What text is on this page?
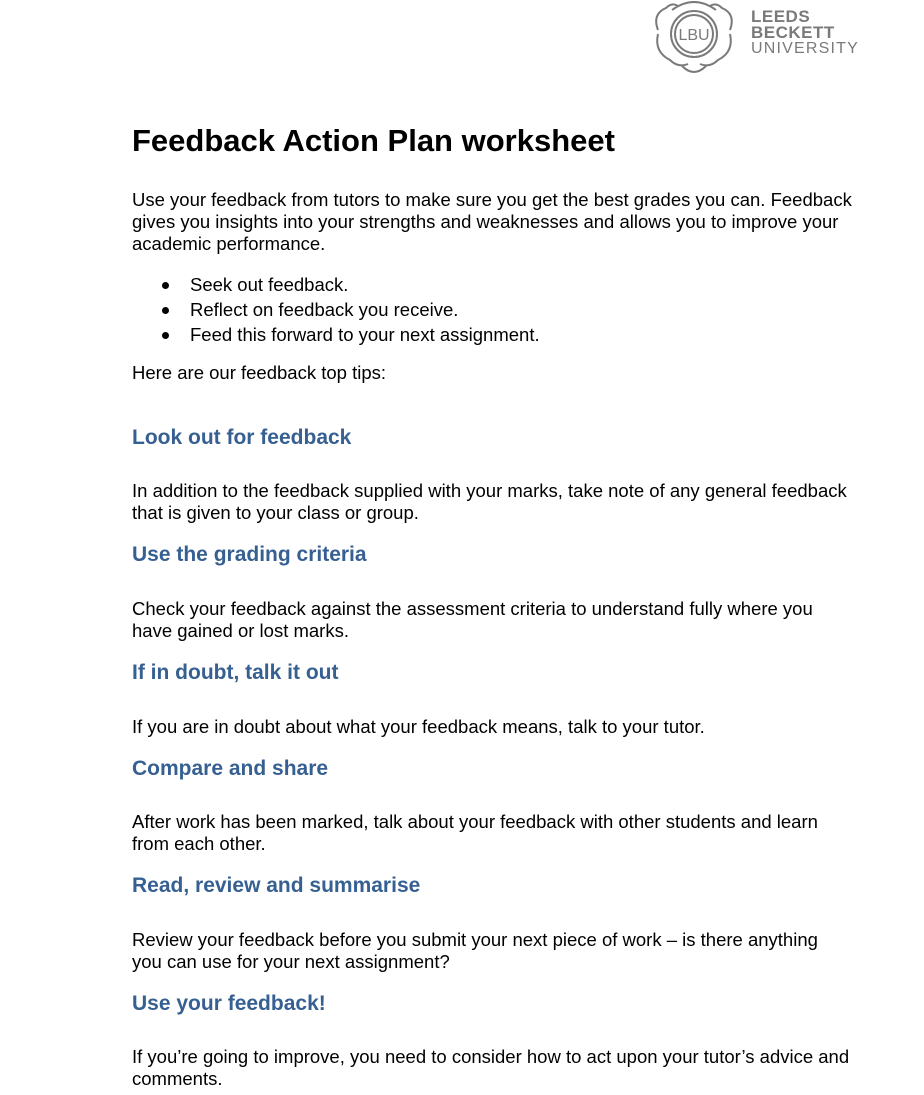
LBU
LEEDS
BECKETT
UNIVERSITY
Feedback Action Plan worksheet

Use your feedback from tutors to make sure you get the best grades you can. Feedback gives you insights into your strengths and weaknesses and allows you to improve your academic performance.

Seek out feedback.
Reflect on feedback you receive.
Feed this forward to your next assignment.

Here are our feedback top tips:

Look out for feedback

In addition to the feedback supplied with your marks, take note of any general feedback that is given to your class or group.

Use the grading criteria

Check your feedback against the assessment criteria to understand fully where you have gained or lost marks.

If in doubt, talk it out

If you are in doubt about what your feedback means, talk to your tutor.

Compare and share

After work has been marked, talk about your feedback with other students and learn from each other.

Read, review and summarise

Review your feedback before you submit your next piece of work – is there anything you can use for your next assignment?

Use your feedback!

If you’re going to improve, you need to consider how to act upon your tutor’s advice and comments.
